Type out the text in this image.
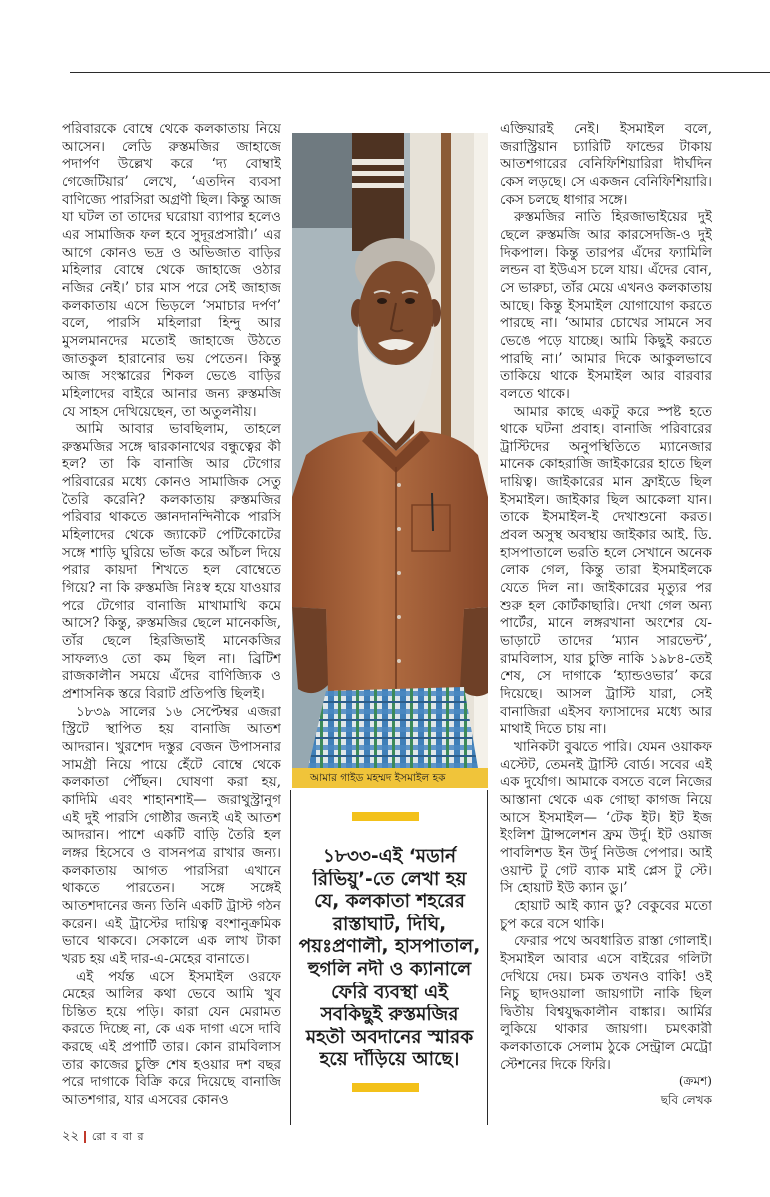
পরিবারকে বোম্বে থেকে কলকাতায় নিয়ে
আসেন। লেডি রুস্তমজির জাহাজে
পদার্পণ উল্লেখ করে ‘দ্য বোম্বাই
গেজেটিয়ার’ লেখে, ‘এতদিন ব্যবসা
বাণিজ্যে পারসিরা অগ্রণী ছিল। কিন্তু আজ
যা ঘটল তা তাদের ঘরোয়া ব্যাপার হলেও
এর সামাজিক ফল হবে সুদূরপ্রসারী।’ এর
আগে কোনও ভদ্র ও অভিজাত বাড়ির
মহিলার বোম্বে থেকে জাহাজে ওঠার
নজির নেই।’ চার মাস পরে সেই জাহাজ
কলকাতায় এসে ভিড়লে ‘সমাচার দর্পণ’
বলে, পারসি মহিলারা হিন্দু আর
মুসলমানদের মতোই জাহাজে উঠতে
জাতকুল হারানোর ভয় পেতেন। কিন্তু
আজ সংস্কারের শিকল ভেঙে বাড়ির
মহিলাদের বাইরে আনার জন্য রুস্তমজি
যে সাহস দেখিয়েছেন, তা অতুলনীয়।
আমি আবার ভাবছিলাম, তাহলে
রুস্তমজির সঙ্গে দ্বারকানাথের বন্ধুত্বের কী
হল? তা কি বানাজি আর টেগোর
পরিবারের মধ্যে কোনও সামাজিক সেতু
তৈরি করেনি? কলকাতায় রুস্তমজির
পরিবার থাকতে জ্ঞানদানন্দিনীকে পারসি
মহিলাদের থেকে জ্যাকেট পেটিকোটের
সঙ্গে শাড়ি ঘুরিয়ে ভাঁজ করে আঁচল দিয়ে
পরার কায়দা শিখতে হল বোম্বেতে
গিয়ে? না কি রুস্তমজি নিঃস্ব হয়ে যাওয়ার
পরে টেগোর বানাজি মাখামাখি কমে
আসে? কিন্তু, রুস্তমজির ছেলে মানেকজি,
তাঁর ছেলে হিরজিভাই মানেকজির
সাফল্যও তো কম ছিল না। ব্রিটিশ
রাজকালীন সময়ে এঁদের বাণিজ্যিক ও
প্রশাসনিক স্তরে বিরাট প্রতিপত্তি ছিলই।
১৮৩৯ সালের ১৬ সেপ্টেম্বর এজরা
স্ট্রিটে স্থাপিত হয় বানাজি আতশ
আদরান। খুরশেদ দস্তুর বেজন উপাসনার
সামগ্রী নিয়ে পায়ে হেঁটে বোম্বে থেকে
কলকাতা পৌঁছন। ঘোষণা করা হয়,
কাদিমি এবং শাহানশাই— জরাথুস্ট্রানুগ
এই দুই পারসি গোষ্ঠীর জন্যই এই আতশ
আদরান। পাশে একটি বাড়ি তৈরি হল
লঙ্গর হিসেবে ও বাসনপত্র রাখার জন্য।
কলকাতায় আগত পারসিরা এখানে
থাকতে পারতেন। সঙ্গে সঙ্গেই
আতশদানের জন্য তিনি একটি ট্রাস্ট গঠন
করেন। এই ট্রাস্টের দায়িত্ব বংশানুক্রমিক
ভাবে থাকবে। সেকালে এক লাখ টাকা
খরচ হয় এই দার-এ-মেহের বানাতে।
এই পর্যন্ত এসে ইসমাইল ওরফে
মেহের আলির কথা ভেবে আমি খুব
চিন্তিত হয়ে পড়ি। কারা যেন মেরামত
করতে দিচ্ছে না, কে এক দাগা এসে দাবি
করছে এই প্রপার্টি তার। কোন রামবিলাস
তার কাজের চুক্তি শেষ হওয়ার দশ বছর
পরে দাগাকে বিক্রি করে দিয়েছে বানাজি
আতশগার, যার এসবের কোনও
আমার গাইড মহম্মদ ইসমাইল হক
১৮৩৩-এই ‘মডার্ন
রিভিয়ু’-তে লেখা হয়
যে, কলকাতা শহরের
রাস্তাঘাট, দিঘি,
পয়ঃপ্রণালী, হাসপাতাল,
হুগলি নদী ও ক্যানালে
ফেরি ব্যবস্থা এই
সবকিছুই রুস্তমজির
মহতী অবদানের স্মারক
হয়ে দাঁড়িয়ে আছে।
এক্তিয়ারই নেই। ইসমাইল বলে,
জরাস্ট্রিয়ান চ্যারিটি ফান্ডের টাকায়
আতশগারের বেনিফিশিয়ারিরা দীর্ঘদিন
কেস লড়ছে। সে একজন বেনিফিশিয়ারি।
কেস চলছে ধাগার সঙ্গে।
রুস্তমজির নাতি হিরজাভাইয়ের দুই
ছেলে রুস্তমজি আর কারসেদজি-ও দুই
দিকপাল। কিন্তু তারপর এঁদের ফ্যামিলি
লন্ডন বা ইউএস চলে যায়। এঁদের বোন,
সে ভারুচা, তাঁর মেয়ে এখনও কলকাতায়
আছে। কিন্তু ইসমাইল যোগাযোগ করতে
পারছে না। ‘আমার চোখের সামনে সব
ভেঙে পড়ে যাচ্ছে। আমি কিছুই করতে
পারছি না।’ আমার দিকে আকুলভাবে
তাকিয়ে থাকে ইসমাইল আর বারবার
বলতে থাকে।
আমার কাছে একটু করে স্পষ্ট হতে
থাকে ঘটনা প্রবাহ। বানাজি পরিবারের
ট্রাস্টিদের অনুপস্থিতিতে ম্যানেজার
মানেক কোহরাজি জাইকারের হাতে ছিল
দায়িত্ব। জাইকারের মান ফ্রাইডে ছিল
ইসমাইল। জাইকার ছিল আকেলা যান।
তাকে ইসমাইল-ই দেখাশুনো করত।
প্রবল অসুস্থ অবস্থায় জাইকার আই. ডি.
হাসপাতালে ভরতি হলে সেখানে অনেক
লোক গেল, কিন্তু তারা ইসমাইলকে
যেতে দিল না। জাইকারের মৃত্যুর পর
শুরু হল কোর্টকাছারি। দেখা গেল অন্য
পার্টের, মানে লঙ্গরখানা অংশের যে-
ভাড়াটে তাদের ‘ম্যান সারভেন্ট’,
রামবিলাস, যার চুক্তি নাকি ১৯৮৪-তেই
শেষ, সে দাগাকে ‘হ্যান্ডওভার’ করে
দিয়েছে। আসল ট্রাস্টি যারা, সেই
বানাজিরা এইসব ফ্যাসাদের মধ্যে আর
মাথাই দিতে চায় না।
খানিকটা বুঝতে পারি। যেমন ওয়াকফ
এস্টেট, তেমনই ট্রাস্টি বোর্ড। সবের এই
এক দুর্যোগ। আমাকে বসতে বলে নিজের
আস্তানা থেকে এক গোছা কাগজ নিয়ে
আসে ইসমাইল— ‘টেক ইট। ইট ইজ
ইংলিশ ট্রান্সলেশন ফ্রম উর্দু। ইট ওয়াজ
পাবলিশড ইন উর্দু নিউজ পেপার। আই
ওয়ান্ট টু গেট ব্যাক মাই প্লেস টু স্টে।
সি হোয়াট ইউ ক্যান ডু।’
হোয়াট আই ক্যান ডু? বেকুবের মতো
চুপ করে বসে থাকি।
ফেরার পথে অবধারিত রাস্তা গোলাই।
ইসমাইল আবার এসে বাইরের গলিটা
দেখিয়ে দেয়। চমক তখনও বাকি! ওই
নিচু ছাদওয়ালা জায়গাটা নাকি ছিল
দ্বিতীয় বিশ্বযুদ্ধকালীন বাঙ্কার। আর্মির
লুকিয়ে থাকার জায়গা। চমৎকারী
কলকাতাকে সেলাম ঠুকে সেন্ট্রাল মেট্রো
স্টেশনের দিকে ফিরি।
(ক্রমশ)
ছবি লেখক
২২ রো ব বা র
